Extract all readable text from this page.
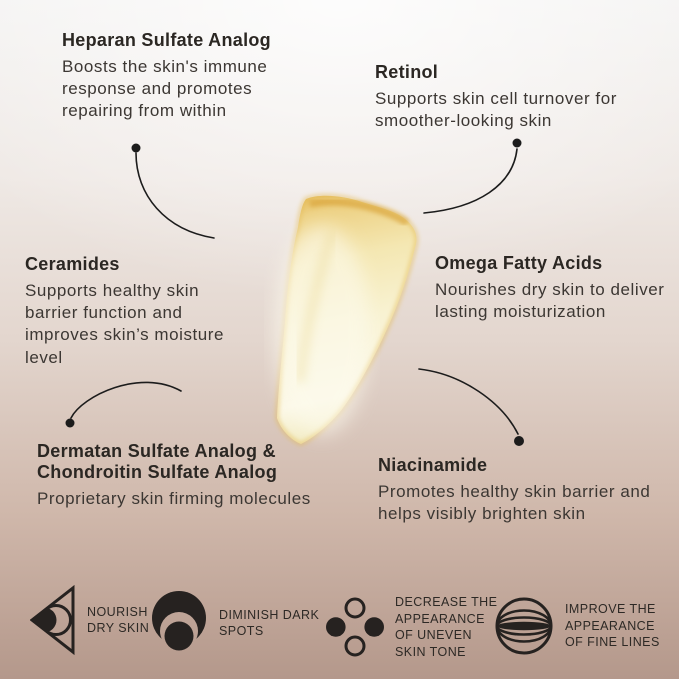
Heparan Sulfate Analog

Boosts the skin's immune response and promotes repairing from within

Retinol

Supports skin cell turnover for smoother-looking skin

Ceramides

Supports healthy skin barrier function and improves skin’s moisture level

Omega Fatty Acids

Nourishes dry skin to deliver lasting moisturization

Dermatan Sulfate Analog & Chondroitin Sulfate Analog

Proprietary skin firming molecules

Niacinamide

Promotes healthy skin barrier and helps visibly brighten skin

NOURISH DRY SKIN
DIMINISH DARK SPOTS
DECREASE THE APPEARANCE OF UNEVEN SKIN TONE
IMPROVE THE APPEARANCE OF FINE LINES
